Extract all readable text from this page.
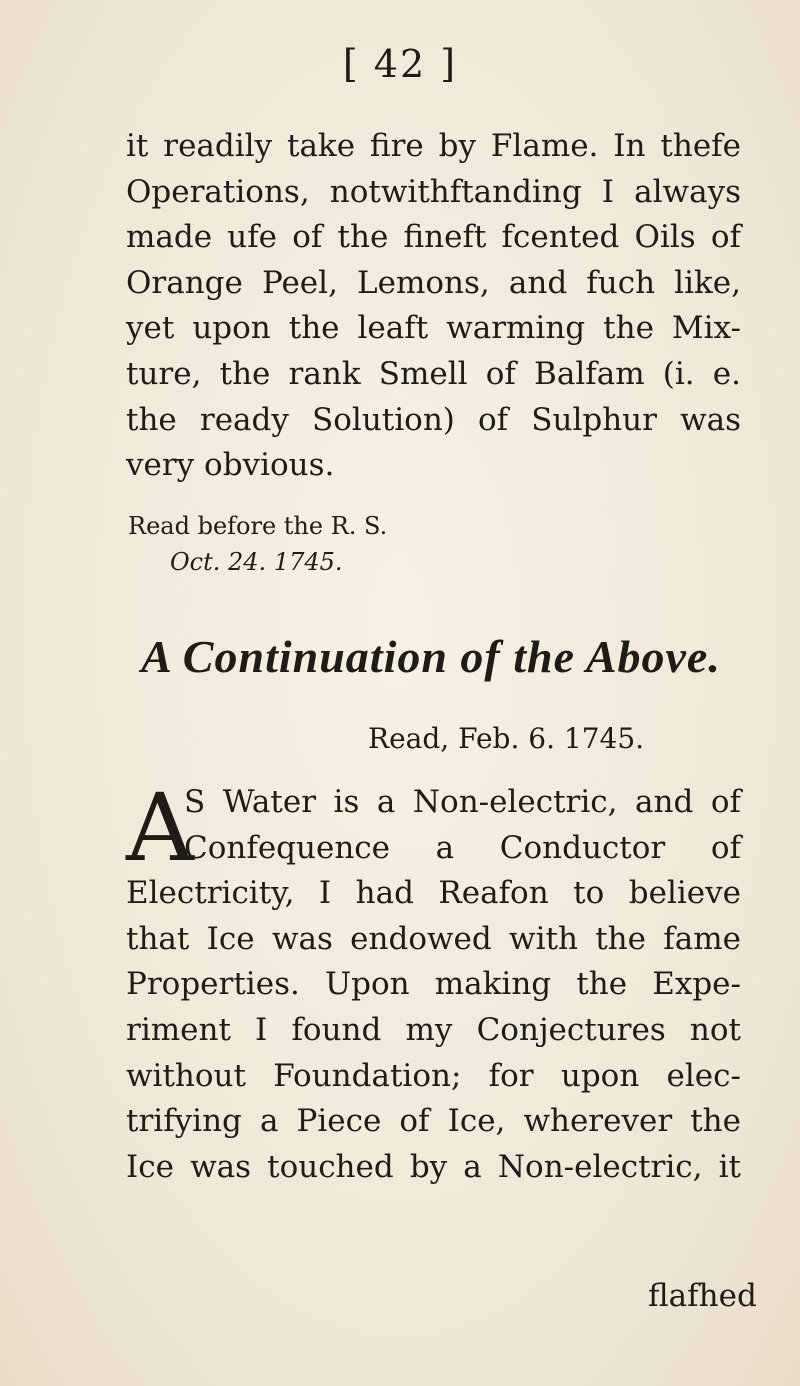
[ 42 ]
it readily take fire by Flame. In thefe
Operations, notwithftanding I always
made ufe of the fineft fcented Oils of
Orange Peel, Lemons, and fuch like,
yet upon the leaft warming the Mix-
ture, the rank Smell of Balfam (i. e.
the ready Solution) of Sulphur was
very obvious.
Read before the R. S.
Oct. 24. 1745.
A Continuation of the Above.
Read, Feb. 6. 1745.
A
S Water is a Non-electric, and of
Confequence a Conductor of
Electricity, I had Reafon to believe
that Ice was endowed with the fame
Properties. Upon making the Expe-
riment I found my Conjectures not
without Foundation; for upon elec-
trifying a Piece of Ice, wherever the
Ice was touched by a Non-electric, it
flafhed
